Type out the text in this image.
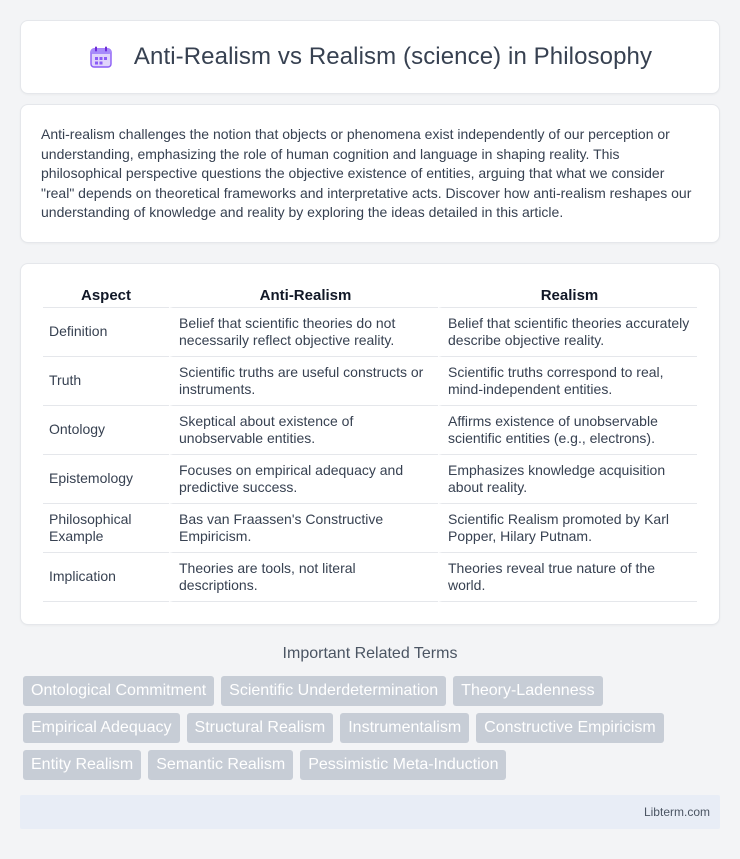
Anti-Realism vs Realism (science) in Philosophy

Anti-realism challenges the notion that objects or phenomena exist independently of our perception or understanding, emphasizing the role of human cognition and language in shaping reality. This philosophical perspective questions the objective existence of entities, arguing that what we consider "real" depends on theoretical frameworks and interpretative acts. Discover how anti-realism reshapes our understanding of knowledge and reality by exploring the ideas detailed in this article.

Aspect	Anti-Realism	Realism
Definition	Belief that scientific theories do not necessarily reflect objective reality.	Belief that scientific theories accurately describe objective reality.
Truth	Scientific truths are useful constructs or instruments.	Scientific truths correspond to real, mind-independent entities.
Ontology	Skeptical about existence of unobservable entities.	Affirms existence of unobservable scientific entities (e.g., electrons).
Epistemology	Focuses on empirical adequacy and predictive success.	Emphasizes knowledge acquisition about reality.
Philosophical Example	Bas van Fraassen's Constructive Empiricism.	Scientific Realism promoted by Karl Popper, Hilary Putnam.
Implication	Theories are tools, not literal descriptions.	Theories reveal true nature of the world.
Important Related Terms
Ontological Commitment	Scientific Underdetermination	Theory-Ladenness
Empirical Adequacy	Structural Realism	Instrumentalism	Constructive Empiricism
Entity Realism	Semantic Realism	Pessimistic Meta-Induction
Libterm.com
